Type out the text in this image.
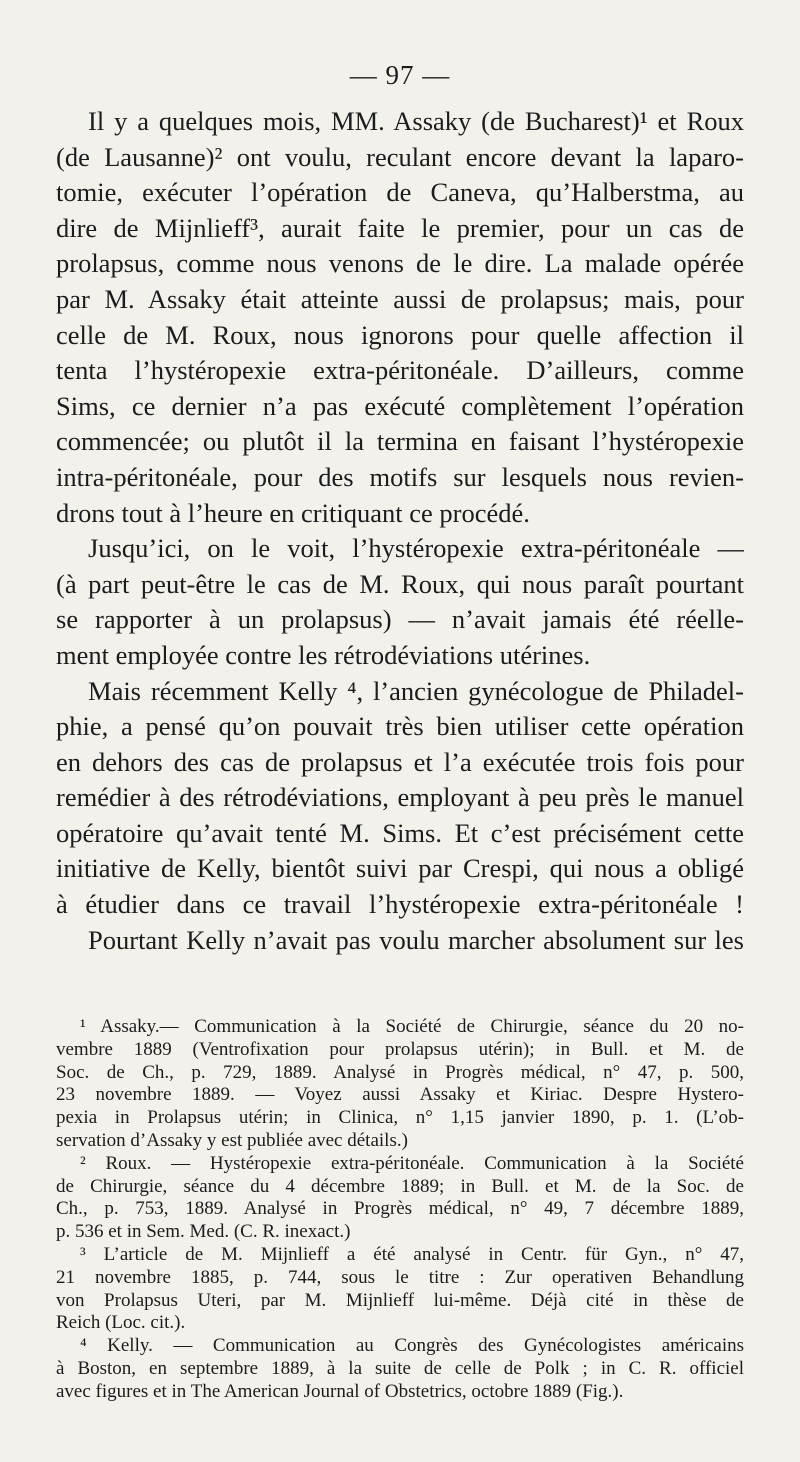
— 97 —
Il y a quelques mois, MM. Assaky (de Bucharest)¹ et Roux
(de Lausanne)² ont voulu, reculant encore devant la laparo-
tomie, exécuter l’opération de Caneva, qu’Halberstma, au
dire de Mijnlieff³, aurait faite le premier, pour un cas de
prolapsus, comme nous venons de le dire. La malade opérée
par M. Assaky était atteinte aussi de prolapsus; mais, pour
celle de M. Roux, nous ignorons pour quelle affection il
tenta l’hystéropexie extra-péritonéale. D’ailleurs, comme
Sims, ce dernier n’a pas exécuté complètement l’opération
commencée; ou plutôt il la termina en faisant l’hystéropexie
intra-péritonéale, pour des motifs sur lesquels nous revien-
drons tout à l’heure en critiquant ce procédé.
Jusqu’ici, on le voit, l’hystéropexie extra-péritonéale —
(à part peut-être le cas de M. Roux, qui nous paraît pourtant
se rapporter à un prolapsus) — n’avait jamais été réelle-
ment employée contre les rétrodéviations utérines.
Mais récemment Kelly ⁴, l’ancien gynécologue de Philadel-
phie, a pensé qu’on pouvait très bien utiliser cette opération
en dehors des cas de prolapsus et l’a exécutée trois fois pour
remédier à des rétrodéviations, employant à peu près le manuel
opératoire qu’avait tenté M. Sims. Et c’est précisément cette
initiative de Kelly, bientôt suivi par Crespi, qui nous a obligé
à étudier dans ce travail l’hystéropexie extra-péritonéale !
Pourtant Kelly n’avait pas voulu marcher absolument sur les
¹ Assaky.— Communication à la Société de Chirurgie, séance du 20 no-
vembre 1889 (Ventrofixation pour prolapsus utérin); in Bull. et M. de
Soc. de Ch., p. 729, 1889. Analysé in Progrès médical, n° 47, p. 500,
23 novembre 1889. — Voyez aussi Assaky et Kiriac. Despre Hystero-
pexia in Prolapsus utérin; in Clinica, n° 1,15 janvier 1890, p. 1. (L’ob-
servation d’Assaky y est publiée avec détails.)
² Roux. — Hystéropexie extra-péritonéale. Communication à la Société
de Chirurgie, séance du 4 décembre 1889; in Bull. et M. de la Soc. de
Ch., p. 753, 1889. Analysé in Progrès médical, n° 49, 7 décembre 1889,
p. 536 et in Sem. Med. (C. R. inexact.)
³ L’article de M. Mijnlieff a été analysé in Centr. für Gyn., n° 47,
21 novembre 1885, p. 744, sous le titre : Zur operativen Behandlung
von Prolapsus Uteri, par M. Mijnlieff lui-même. Déjà cité in thèse de
Reich (Loc. cit.).
⁴ Kelly. — Communication au Congrès des Gynécologistes américains
à Boston, en septembre 1889, à la suite de celle de Polk ; in C. R. officiel
avec figures et in The American Journal of Obstetrics, octobre 1889 (Fig.).
